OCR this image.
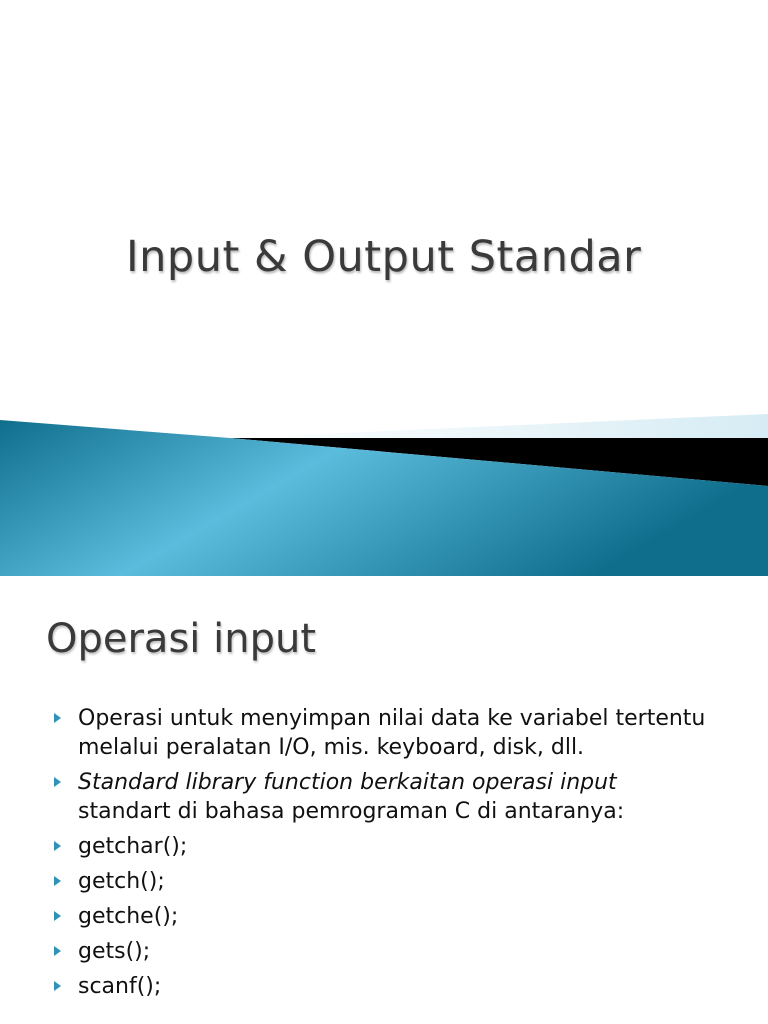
Input & Output Standar
Operasi input
Operasi untuk menyimpan nilai data ke variabel tertentu melalui peralatan I/O, mis. keyboard, disk, dll.
Standard library function berkaitan operasi input
standart di bahasa pemrograman C di antaranya:
getchar();
getch();
getche();
gets();
scanf();
